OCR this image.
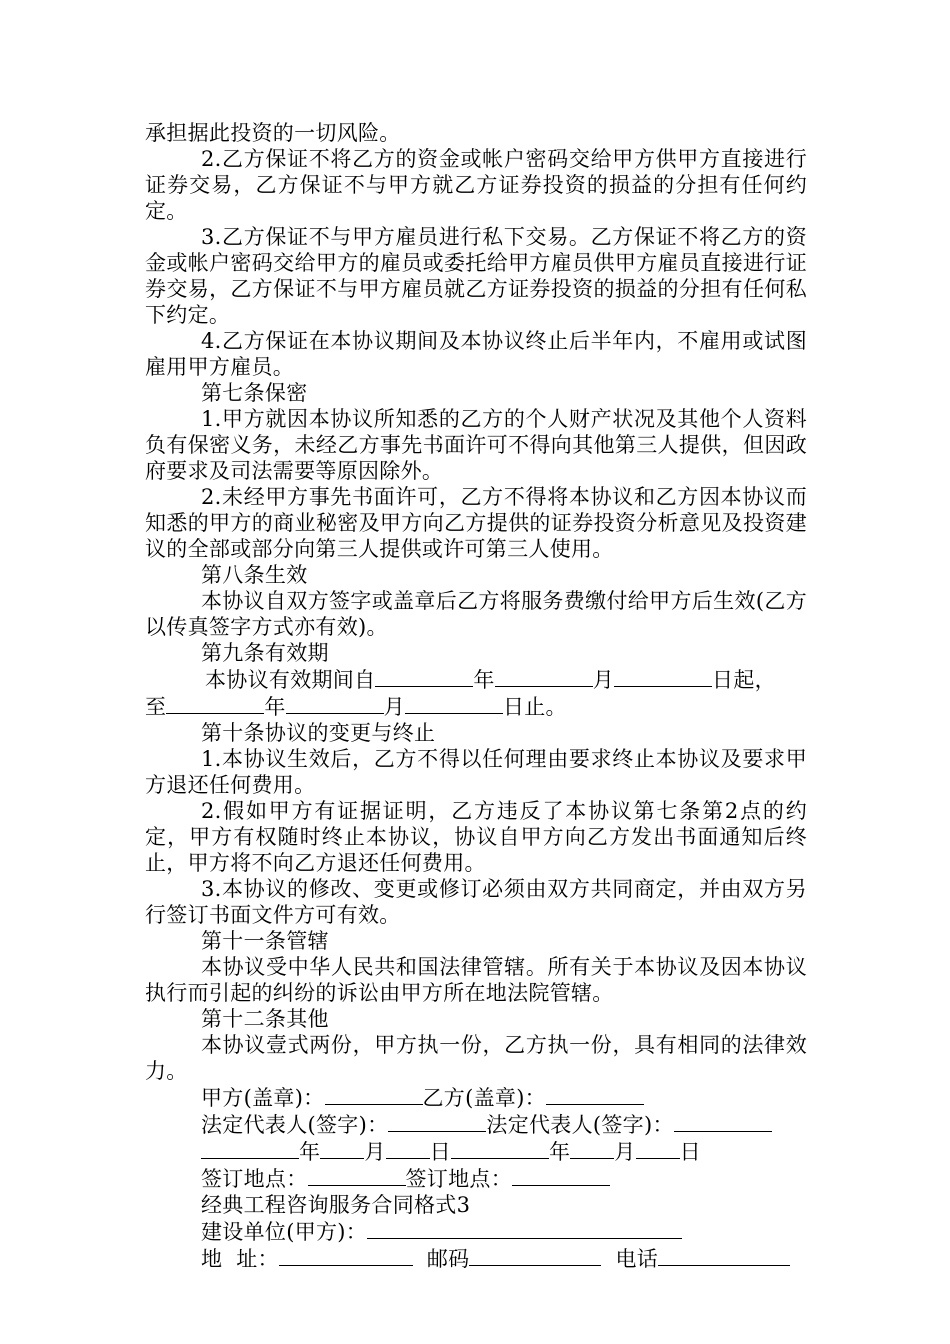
承担据此投资的一切风险。

2.乙方保证不将乙方的资金或帐户密码交给甲方供甲方直接进行证券交易，乙方保证不与甲方就乙方证券投资的损益的分担有任何约定。

3.乙方保证不与甲方雇员进行私下交易。乙方保证不将乙方的资金或帐户密码交给甲方的雇员或委托给甲方雇员供甲方雇员直接进行证券交易，乙方保证不与甲方雇员就乙方证券投资的损益的分担有任何私下约定。

4.乙方保证在本协议期间及本协议终止后半年内，不雇用或试图雇用甲方雇员。

第七条保密

1.甲方就因本协议所知悉的乙方的个人财产状况及其他个人资料负有保密义务，未经乙方事先书面许可不得向其他第三人提供，但因政府要求及司法需要等原因除外。

2.未经甲方事先书面许可，乙方不得将本协议和乙方因本协议而知悉的甲方的商业秘密及甲方向乙方提供的证券投资分析意见及投资建议的全部或部分向第三人提供或许可第三人使用。

第八条生效

本协议自双方签字或盖章后乙方将服务费缴付给甲方后生效(乙方以传真签字方式亦有效)。

第九条有效期

本协议有效期间自	年	月	日起，

至	年	月	日止。

第十条协议的变更与终止

1.本协议生效后，乙方不得以任何理由要求终止本协议及要求甲方退还任何费用。

2.假如甲方有证据证明，乙方违反了本协议第七条第2点的约定，甲方有权随时终止本协议，协议自甲方向乙方发出书面通知后终止，甲方将不向乙方退还任何费用。

3.本协议的修改、变更或修订必须由双方共同商定，并由双方另行签订书面文件方可有效。

第十一条管辖

本协议受中华人民共和国法律管辖。所有关于本协议及因本协议执行而引起的纠纷的诉讼由甲方所在地法院管辖。

第十二条其他

本协议壹式两份，甲方执一份，乙方执一份，具有相同的法律效力。

甲方(盖章)：	乙方(盖章)：

法定代表人(签字)：	法定代表人(签字)：

年 月 日	年 月 日

签订地点：	签订地点：

经典工程咨询服务合同格式3

建设单位(甲方)：

地  址：	邮码	电话
